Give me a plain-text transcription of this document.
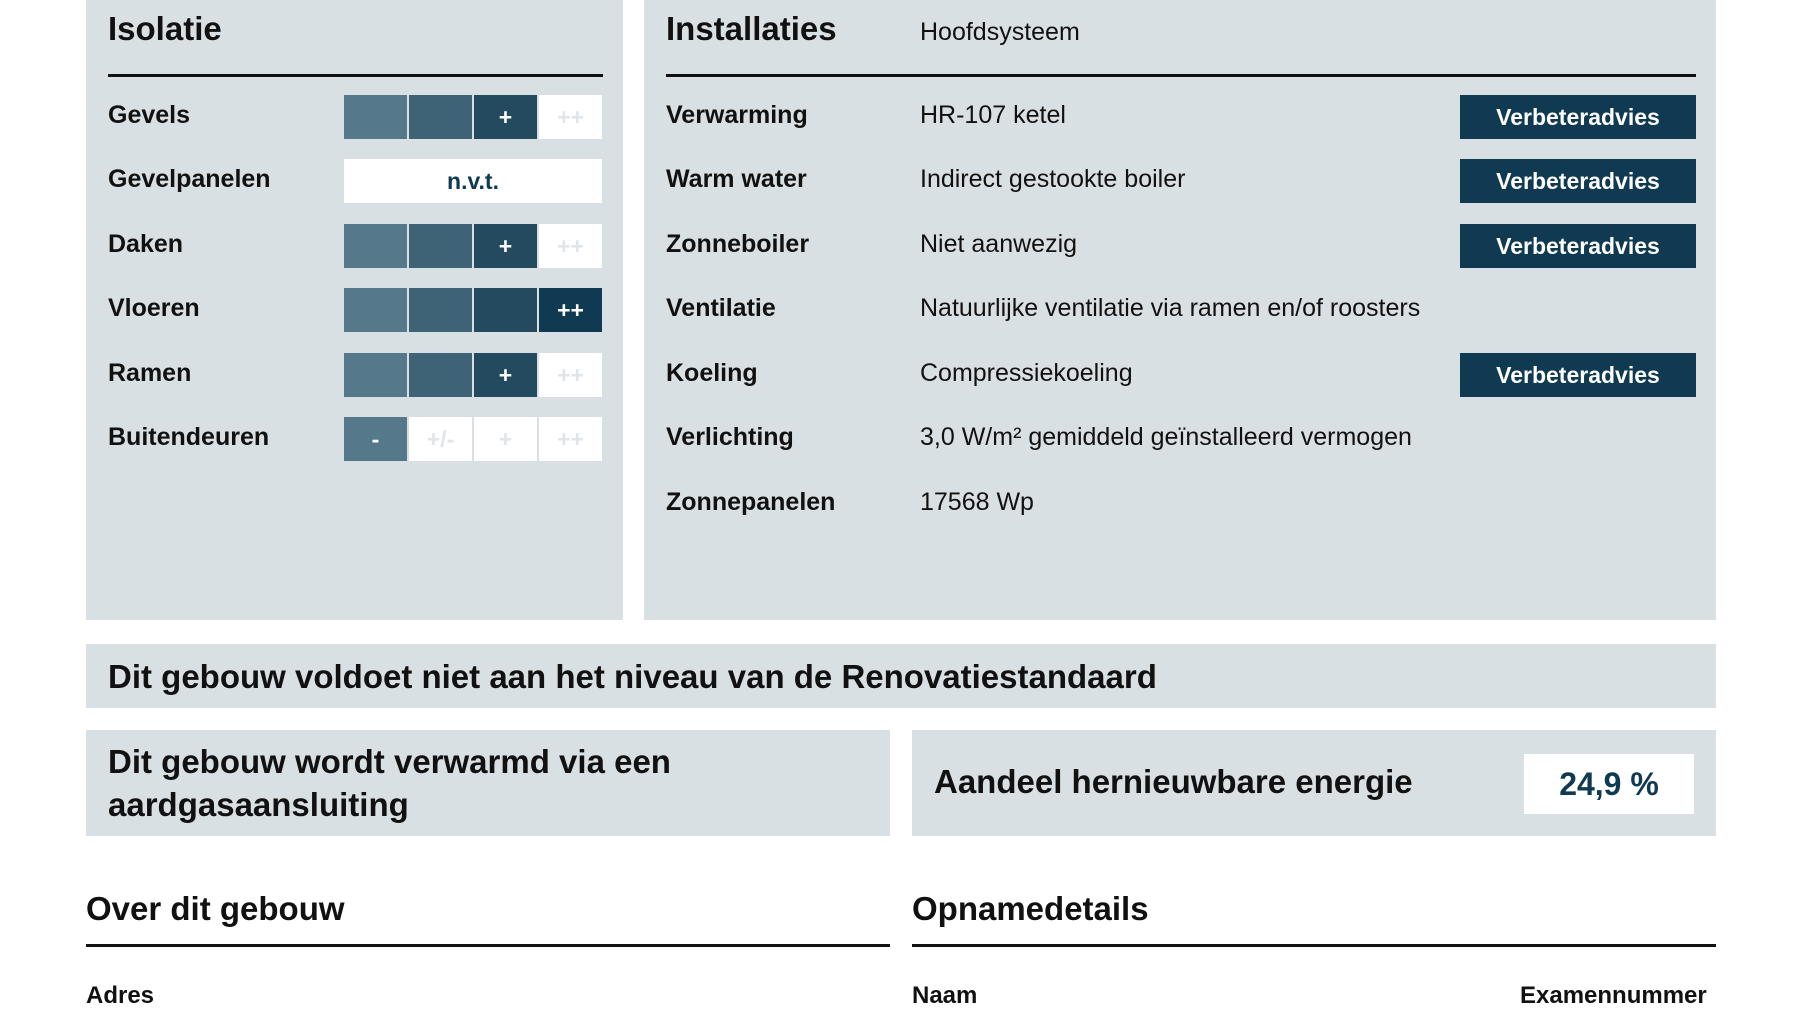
Isolatie
Gevels	+	++
Gevelpanelen	n.v.t.
Daken	+	++
Vloeren	++
Ramen	+	++
Buitendeuren	-	+/-	+	++
Installaties	Hoofdsysteem
Verwarming	HR-107 ketel	Verbeteradvies
Warm water	Indirect gestookte boiler	Verbeteradvies
Zonneboiler	Niet aanwezig	Verbeteradvies
Ventilatie	Natuurlijke ventilatie via ramen en/of roosters
Koeling	Compressiekoeling	Verbeteradvies
Verlichting	3,0 W/m² gemiddeld geïnstalleerd vermogen
Zonnepanelen	17568 Wp
Dit gebouw voldoet niet aan het niveau van de Renovatiestandaard
Dit gebouw wordt verwarmd via een aardgasaansluiting
Aandeel hernieuwbare energie	24,9 %
Over dit gebouw
Adres
Opnamedetails
Naam	Examennummer
